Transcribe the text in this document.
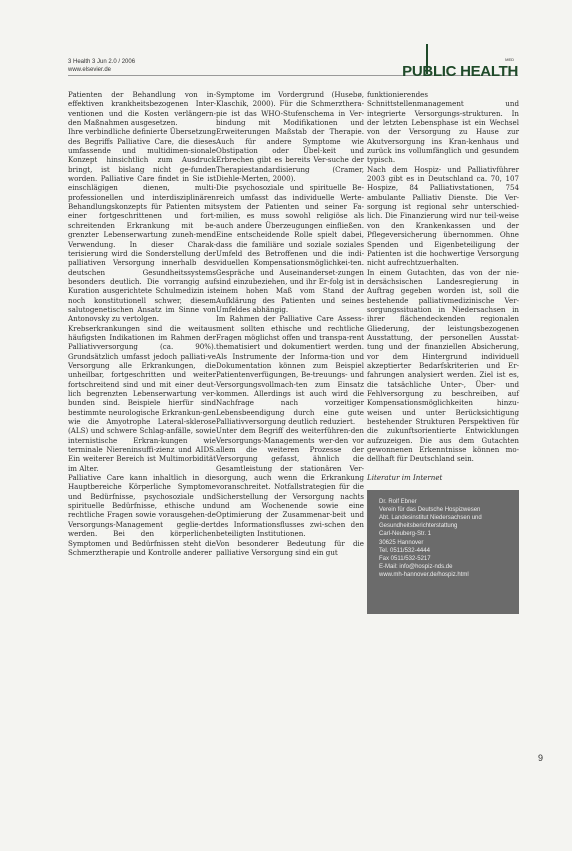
3 Health 3 Jun 2.0 / 2006
www.elsevier.de
MED
PUBLIC HEALTH

Patienten der Behandlung von in-effektiven krankheitsbezogenen Inter-ventionen und die Kosten verlängern-den Maßnahmen ausgesetzen.

Ihre verbindliche definierte Übersetzung des Begriffs Palliative Care, die dieses umfassende und multidimen-sionale Konzept hinsichtlich zum Ausdruck bringt, ist bislang nicht ge-funden worden. Palliative Care findet in Sie ist einschlägigen dienen, multi-professionellen und interdisziplinären Behandlungskonzepts für Patienten mit einer fortgeschrittenen und fort-schreitenden Erkrankung mit be-grenzter Lebenserwartung zuneh-mend Verwendung. In dieser Charak-terisierung wird die Sonderstellung der palliativen Versorgung innerhalb des deutschen Gesundheitssystems besonders deutlich. Die vorrangig auf Kuration ausgerichtete Schulmedizin ist noch konstitutionell schwer, diesem salutogenetischen Ansatz im Sinne von Antonovsky zu vertolgen.

Krebserkrankungen sind die weitaus häufigsten Indikationen im Rahmen der Palliativversorgung (ca. 90%). Grundsätzlich umfasst jedoch palliati-ve Versorgung alle Erkrankungen, die unheilbar, fortgeschritten und weiter fortschreitend sind und mit einer deut-lich begrenzten Lebenserwartung ver-bunden sind. Beispiele hierfür sind bestimmte neurologische Erkrankun-gen wie die Amyotrophe Lateral-sklerose (ALS) und schwere Schlag-anfälle, sowie internistische Erkran-kungen wie terminale Niereninsuffi-zienz und AIDS. Ein weiterer Bereich ist Multimorbidität im Alter.

Palliative Care kann inhaltlich in die Hauptbereiche Körperliche Symptome und Bedürfnisse, psychosoziale und spirituelle Bedürfnisse, ethische und rechtliche Fragen sowie vorausgehen-de Versorgungs-Management geglie-dert werden. Bei den körperlichen Symptomen und Bedürfnissen steht die Schmerztherapie und Kontrolle anderer

Symptome im Vordergrund (Husebø, Klaschik, 2000). Für die Schmerzthera-pie ist das WHO-Stufenschema in Ver-bindung mit Modifikationen und Erweiterungen Maßstab der Therapie. Auch für andere Symptome wie Obstipation oder Übel-keit und Erbrechen gibt es bereits Ver-suche der Therapiestandardisierung (Cramer, Diehle-Merten, 2000).

Die psychosoziale und spirituelle Be-reich umfasst das individuelle Werte-system der Patienten und seiner Fa-milien, es muss sowohl religiöse als auch andere Überzeugungen einfließen. Eine entscheidende Rolle spielt dabei, dass die familiäre und soziale soziales Umfeld des Betroffenen und die indi-viduellen Kompensationsmöglichkei-ten. Gespräche und Auseinanderset-zungen sind einzubeziehen, und ihr Er-folg ist in einem hohen Maß vom Stand der Aufklärung des Patienten und seines Umfeldes abhängig.

Im Rahmen der Palliative Care Assess-ment sollten ethische und rechtliche Fragen möglichst offen und transpa-rent thematisiert und dokumentiert werden. Als Instrumente der Informa-tion und Dokumentation können zum Beispiel Patientenverfügungen, Be-treuungs- und Versorgungsvollmach-ten zum Einsatz kommen. Allerdings ist auch wird die Nachfrage nach vorzeitiger Lebensbeendigung durch eine gute Palliativversorgung deutlich reduziert.

Unter dem Begriff des weiterführen-den Versorgungs-Managements wer-den vor allem die weiteren Prozesse der Versorgung gefasst, ähnlich die Gesamtleistung der stationären Ver-sorgung, auch wenn die Erkrankung voranschreitet. Notfallstrategien für die Sicherstellung der Versorgung nachts und am Wochenende sowie eine Optimierung der Zusammenar-beit und des Informationsflusses zwi-schen den beteiligten Institutionen.

Von besonderer Bedeutung für die palliative Versorgung sind ein gut

funktionierendes Schnittstellenmanagement und integrierte Versorgungs-strukturen. In der letzten Lebensphase ist ein Wechsel von der Versorgung zu Hause zur Akutversorgung ins Kran-kenhaus und zurück ins vollumfänglich und gesundem typisch.

Nach dem Hospiz- und Palliativführer 2003 gibt es in Deutschland ca. 70, 107 Hospize, 84 Palliativstationen, 754 ambulante Palliativ Dienste. Die Ver-sorgung ist regional sehr unterschied-lich. Die Finanzierung wird nur teil-weise von den Krankenkassen und der Pflegeversicherung übernommen. Ohne Spenden und Eigenbeteiligung der Patienten ist die hochwertige Versorgung nicht aufrechtzuerhalten.

In einem Gutachten, das von der nie-dersächsischen Landesregierung in Auftrag gegeben worden ist, soll die bestehende palliativmedizinische Ver-sorgungssituation in Niedersachsen in ihrer flächendeckenden regionalen Gliederung, der leistungsbezogenen Ausstattung, der personellen Ausstat-tung und der finanziellen Absicherung, vor dem Hintergrund individuell akzeptierter Bedarfskriterien und Er-fahrungen analysiert werden. Ziel ist es, die tatsächliche Unter-, Über- und Fehlversorgung zu beschreiben, auf Kompensationsmöglichkeiten hinzu-weisen und unter Berücksichtigung bestehender Strukturen Perspektiven für die zukunftsorientierte Entwicklungen aufzuzeigen. Die aus dem Gutachten gewonnenen Erkenntnisse können mo-dellhaft für Deutschland sein.

Literatur im Internet

Dr. Rolf Ebner
Verein für das Deutsche Hospizwesen
Abt. Landesinstitut Niedersachsen und
Gesundheitsberichterstattung
Carl-Neuberg-Str. 1
30625 Hannover
Tel. 0511/532-4444
Fax 0511/532-5217
E-Mail: info@hospiz-nds.de
www.mh-hannover.de/hospiz.html
9
